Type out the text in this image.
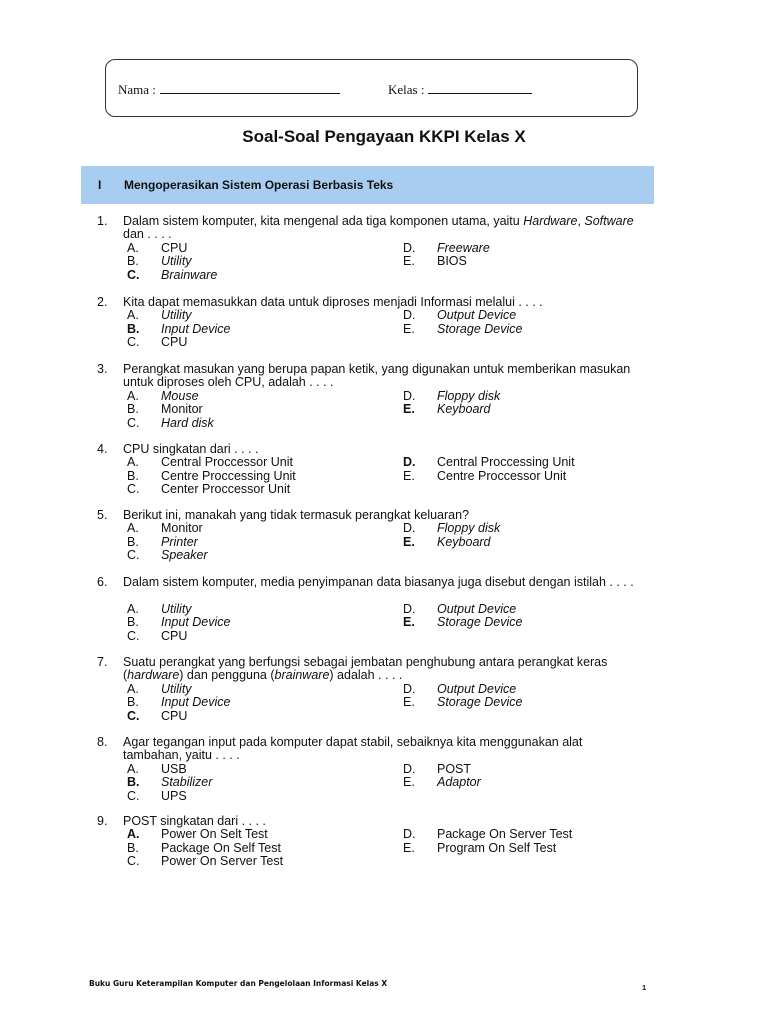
Nama :	Kelas :
Soal-Soal Pengayaan KKPI Kelas X
I Mengoperasikan Sistem Operasi Berbasis Teks
1. Dalam sistem komputer, kita mengenal ada tiga komponen utama, yaitu Hardware, Software dan . . . .
A. CPU	D. Freeware
B. Utility	E. BIOS
C. Brainware
2. Kita dapat memasukkan data untuk diproses menjadi Informasi melalui . . . .
A. Utility	D. Output Device
B. Input Device	E. Storage Device
C. CPU
3. Perangkat masukan yang berupa papan ketik, yang digunakan untuk memberikan masukan untuk diproses oleh CPU, adalah . . . .
A. Mouse	D. Floppy disk
B. Monitor	E. Keyboard
C. Hard disk
4. CPU singkatan dari . . . .
A. Central Proccessor Unit	D. Central Proccessing Unit
B. Centre Proccessing Unit	E. Centre Proccessor Unit
C. Center Proccessor Unit
5. Berikut ini, manakah yang tidak termasuk perangkat keluaran?
A. Monitor	D. Floppy disk
B. Printer	E. Keyboard
C. Speaker
6. Dalam sistem komputer, media penyimpanan data biasanya juga disebut dengan istilah . . . .
A. Utility	D. Output Device
B. Input Device	E. Storage Device
C. CPU
7. Suatu perangkat yang berfungsi sebagai jembatan penghubung antara perangkat keras (hardware) dan pengguna (brainware) adalah . . . .
A. Utility	D. Output Device
B. Input Device	E. Storage Device
C. CPU
8. Agar tegangan input pada komputer dapat stabil, sebaiknya kita menggunakan alat tambahan, yaitu . . . .
A. USB	D. POST
B. Stabilizer	E. Adaptor
C. UPS
9. POST singkatan dari . . . .
A. Power On Selt Test	D. Package On Server Test
B. Package On Self Test	E. Program On Self Test
C. Power On Server Test
Buku Guru Keterampilan Komputer dan Pengelolaan Informasi Kelas X	1
